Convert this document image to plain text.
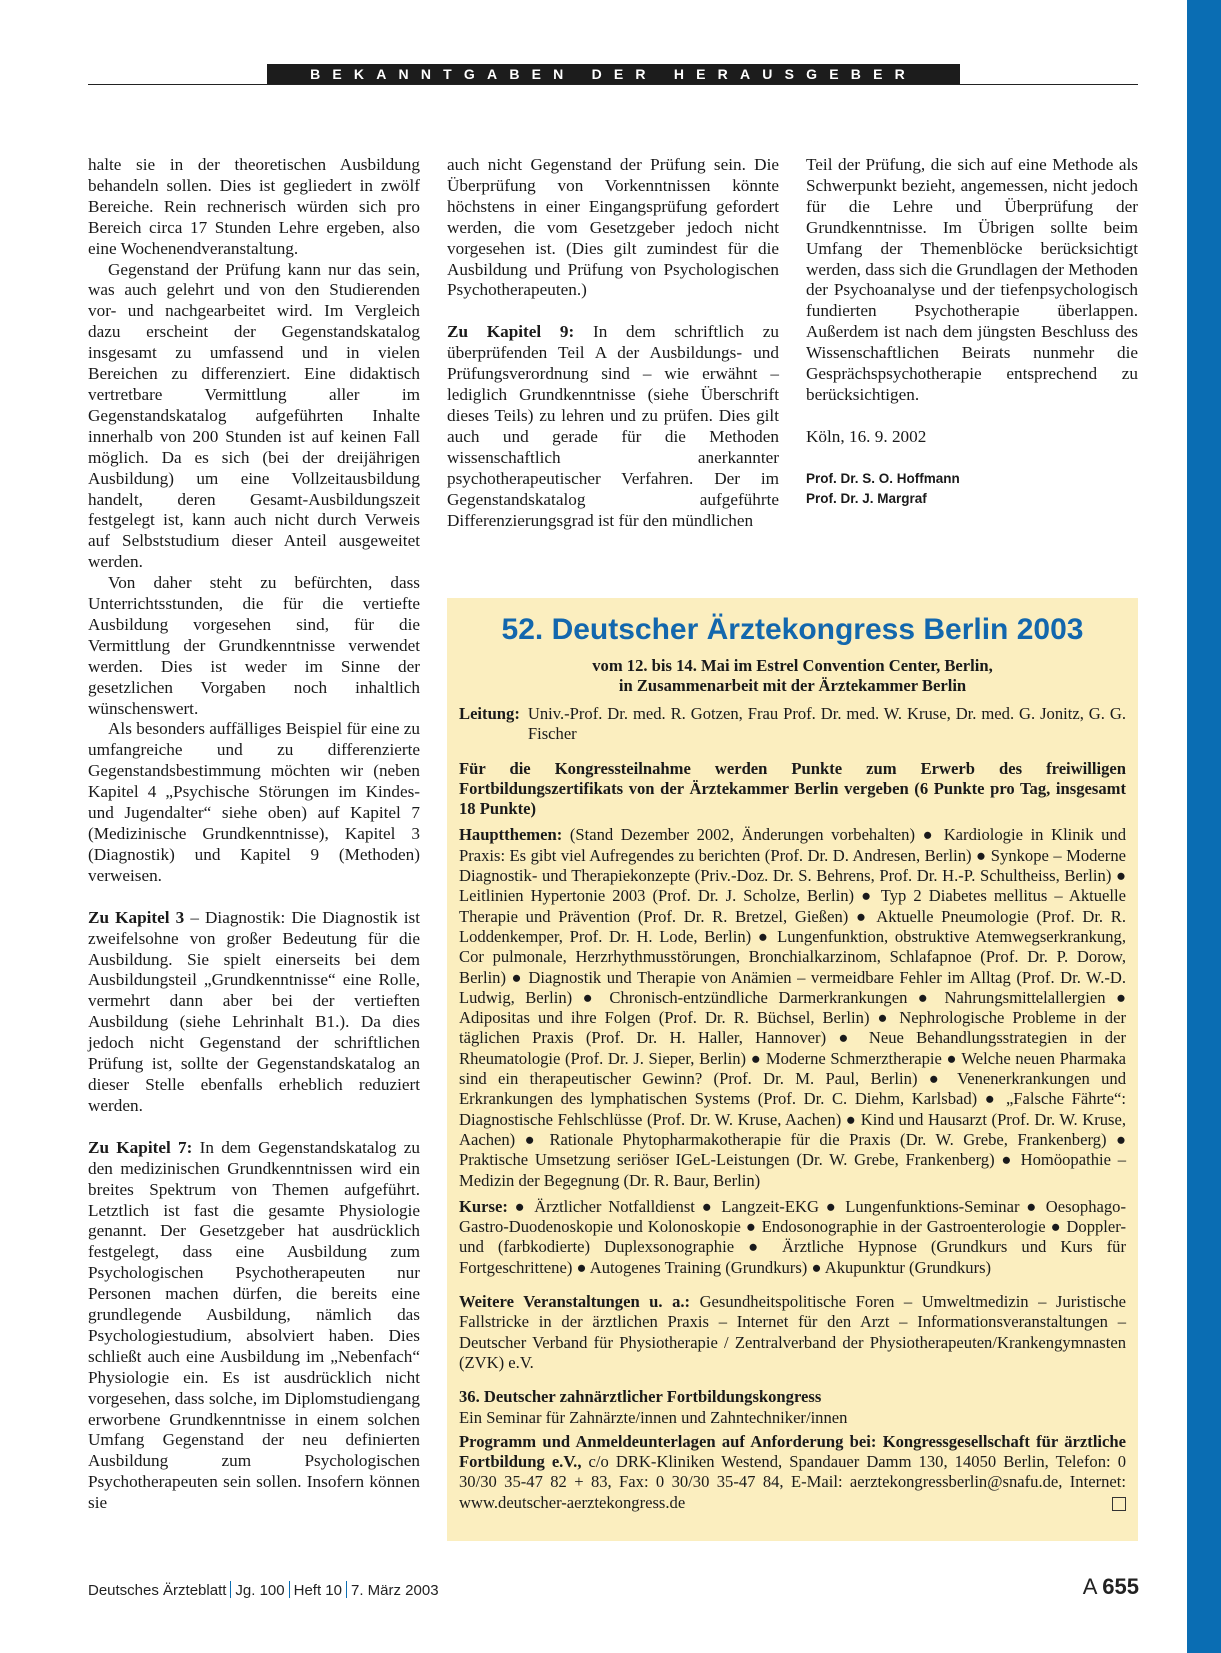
BEKANNTGABEN DER HERAUSGEBER

halte sie in der theoretischen Ausbildung behandeln sollen. Dies ist gegliedert in zwölf Bereiche. Rein rechnerisch würden sich pro Bereich circa 17 Stunden Lehre ergeben, also eine Wochenendveranstaltung.

Gegenstand der Prüfung kann nur das sein, was auch gelehrt und von den Studierenden vor- und nachgearbeitet wird. Im Vergleich dazu erscheint der Gegenstandskatalog insgesamt zu umfassend und in vielen Bereichen zu differenziert. Eine didaktisch vertretbare Vermittlung aller im Gegenstandskatalog aufgeführten Inhalte innerhalb von 200 Stunden ist auf keinen Fall möglich. Da es sich (bei der dreijährigen Ausbildung) um eine Vollzeitausbildung handelt, deren Gesamt-Ausbildungszeit festgelegt ist, kann auch nicht durch Verweis auf Selbststudium dieser Anteil ausgeweitet werden.

Von daher steht zu befürchten, dass Unterrichtsstunden, die für die vertiefte Ausbildung vorgesehen sind, für die Vermittlung der Grundkenntnisse verwendet werden. Dies ist weder im Sinne der gesetzlichen Vorgaben noch inhaltlich wünschenswert.

Als besonders auffälliges Beispiel für eine zu umfangreiche und zu differenzierte Gegenstandsbestimmung möchten wir (neben Kapitel 4 „Psychische Störungen im Kindes- und Jugendalter“ siehe oben) auf Kapitel 7 (Medizinische Grundkenntnisse), Kapitel 3 (Diagnostik) und Kapitel 9 (Methoden) verweisen.

Zu Kapitel 3 – Diagnostik: Die Diagnostik ist zweifelsohne von großer Bedeutung für die Ausbildung. Sie spielt einerseits bei dem Ausbildungsteil „Grundkenntnisse“ eine Rolle, vermehrt dann aber bei der vertieften Ausbildung (siehe Lehrinhalt B1.). Da dies jedoch nicht Gegenstand der schriftlichen Prüfung ist, sollte der Gegenstandskatalog an dieser Stelle ebenfalls erheblich reduziert werden.

Zu Kapitel 7: In dem Gegenstandskatalog zu den medizinischen Grundkenntnissen wird ein breites Spektrum von Themen aufgeführt. Letztlich ist fast die gesamte Physiologie genannt. Der Gesetzgeber hat ausdrücklich festgelegt, dass eine Ausbildung zum Psychologischen Psychotherapeuten nur Personen machen dürfen, die bereits eine grundlegende Ausbildung, nämlich das Psychologiestudium, absolviert haben. Dies schließt auch eine Ausbildung im „Nebenfach“ Physiologie ein. Es ist ausdrücklich nicht vorgesehen, dass solche, im Diplomstudiengang erworbene Grundkenntnisse in einem solchen Umfang Gegenstand der neu definierten Ausbildung zum Psychologischen Psychotherapeuten sein sollen. Insofern können sie

auch nicht Gegenstand der Prüfung sein. Die Überprüfung von Vorkenntnissen könnte höchstens in einer Eingangsprüfung gefordert werden, die vom Gesetzgeber jedoch nicht vorgesehen ist. (Dies gilt zumindest für die Ausbildung und Prüfung von Psychologischen Psychotherapeuten.)

Zu Kapitel 9: In dem schriftlich zu überprüfenden Teil A der Ausbildungs- und Prüfungsverordnung sind – wie erwähnt – lediglich Grundkenntnisse (siehe Überschrift dieses Teils) zu lehren und zu prüfen. Dies gilt auch und gerade für die Methoden wissenschaftlich anerkannter psychotherapeutischer Verfahren. Der im Gegenstandskatalog aufgeführte Differenzierungsgrad ist für den mündlichen

Teil der Prüfung, die sich auf eine Methode als Schwerpunkt bezieht, angemessen, nicht jedoch für die Lehre und Überprüfung der Grundkenntnisse. Im Übrigen sollte beim Umfang der Themenblöcke berücksichtigt werden, dass sich die Grundlagen der Methoden der Psychoanalyse und der tiefenpsychologisch fundierten Psychotherapie überlappen. Außerdem ist nach dem jüngsten Beschluss des Wissenschaftlichen Beirats nunmehr die Gesprächspsychotherapie entsprechend zu berücksichtigen.

Köln, 16. 9. 2002

Prof. Dr. S. O. Hoffmann
Prof. Dr. J. Margraf
52. Deutscher Ärztekongress Berlin 2003
vom 12. bis 14. Mai im Estrel Convention Center, Berlin,
in Zusammenarbeit mit der Ärztekammer Berlin

Leitung: Univ.-Prof. Dr. med. R. Gotzen, Frau Prof. Dr. med. W. Kruse, Dr. med. G. Jonitz, G. G. Fischer

Für die Kongressteilnahme werden Punkte zum Erwerb des freiwilligen Fortbildungszertifikats von der Ärztekammer Berlin vergeben (6 Punkte pro Tag, insgesamt 18 Punkte)

Hauptthemen: (Stand Dezember 2002, Änderungen vorbehalten) ● Kardiologie in Klinik und Praxis: Es gibt viel Aufregendes zu berichten (Prof. Dr. D. Andresen, Berlin) ● Synkope – Moderne Diagnostik- und Therapiekonzepte (Priv.-Doz. Dr. S. Behrens, Prof. Dr. H.-P. Schultheiss, Berlin) ● Leitlinien Hypertonie 2003 (Prof. Dr. J. Scholze, Berlin) ● Typ 2 Diabetes mellitus – Aktuelle Therapie und Prävention (Prof. Dr. R. Bretzel, Gießen) ● Aktuelle Pneumologie (Prof. Dr. R. Loddenkemper, Prof. Dr. H. Lode, Berlin) ● Lungenfunktion, obstruktive Atemwegserkrankung, Cor pulmonale, Herzrhythmusstörungen, Bronchialkarzinom, Schlafapnoe (Prof. Dr. P. Dorow, Berlin) ● Diagnostik und Therapie von Anämien – vermeidbare Fehler im Alltag (Prof. Dr. W.-D. Ludwig, Berlin) ● Chronisch-entzündliche Darmerkrankungen ● Nahrungsmittelallergien ● Adipositas und ihre Folgen (Prof. Dr. R. Büchsel, Berlin) ● Nephrologische Probleme in der täglichen Praxis (Prof. Dr. H. Haller, Hannover) ● Neue Behandlungsstrategien in der Rheumatologie (Prof. Dr. J. Sieper, Berlin) ● Moderne Schmerztherapie ● Welche neuen Pharmaka sind ein therapeutischer Gewinn? (Prof. Dr. M. Paul, Berlin) ● Venenerkrankungen und Erkrankungen des lymphatischen Systems (Prof. Dr. C. Diehm, Karlsbad) ● „Falsche Fährte“: Diagnostische Fehlschlüsse (Prof. Dr. W. Kruse, Aachen) ● Kind und Hausarzt (Prof. Dr. W. Kruse, Aachen) ● Rationale Phytopharmakotherapie für die Praxis (Dr. W. Grebe, Frankenberg) ● Praktische Umsetzung seriöser IGeL-Leistungen (Dr. W. Grebe, Frankenberg) ● Homöopathie – Medizin der Begegnung (Dr. R. Baur, Berlin)

Kurse: ● Ärztlicher Notfalldienst ● Langzeit-EKG ● Lungenfunktions-Seminar ● Oesophago-Gastro-Duodenoskopie und Kolonoskopie ● Endosonographie in der Gastroenterologie ● Doppler- und (farbkodierte) Duplexsonographie ● Ärztliche Hypnose (Grundkurs und Kurs für Fortgeschrittene) ● Autogenes Training (Grundkurs) ● Akupunktur (Grundkurs)

Weitere Veranstaltungen u. a.: Gesundheitspolitische Foren – Umweltmedizin – Juristische Fallstricke in der ärztlichen Praxis – Internet für den Arzt – Informationsveranstaltungen – Deutscher Verband für Physiotherapie / Zentralverband der Physiotherapeuten/Krankengymnasten (ZVK) e.V.

36. Deutscher zahnärztlicher Fortbildungskongress
Ein Seminar für Zahnärzte/innen und Zahntechniker/innen

Programm und Anmeldeunterlagen auf Anforderung bei: Kongressgesellschaft für ärztliche Fortbildung e.V., c/o DRK-Kliniken Westend, Spandauer Damm 130, 14050 Berlin, Telefon: 0 30/30 35-47 82 + 83, Fax: 0 30/30 35-47 84, E-Mail: aerztekongressberlin@snafu.de, Internet: www.deutscher-aerztekongress.de

Deutsches Ärzteblatt Jg. 100 Heft 10 7. März 2003	A 655
